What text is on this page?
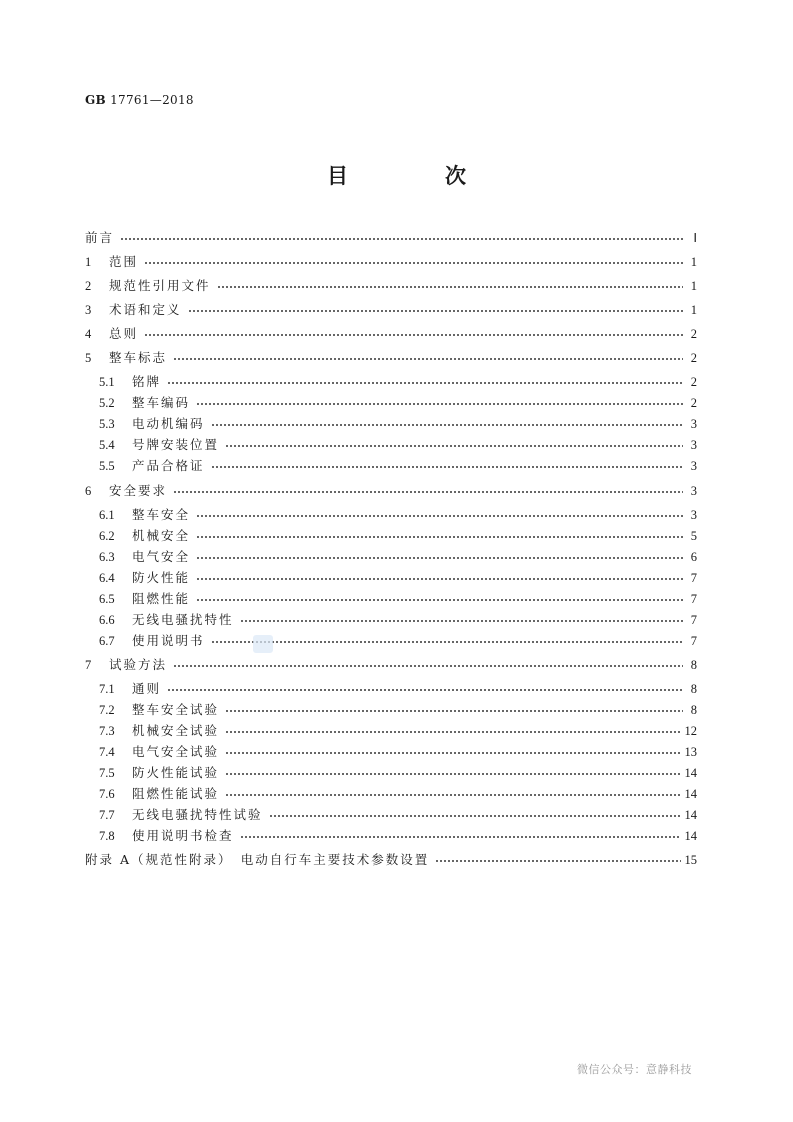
GB 17761—2018
目　次
前言	Ⅰ
1	范围	1
2	规范性引用文件	1
3	术语和定义	1
4	总则	2
5	整车标志	2
5.1	铭牌	2
5.2	整车编码	2
5.3	电动机编码	3
5.4	号牌安装位置	3
5.5	产品合格证	3
6	安全要求	3
6.1	整车安全	3
6.2	机械安全	5
6.3	电气安全	6
6.4	防火性能	7
6.5	阻燃性能	7
6.6	无线电骚扰特性	7
6.7	使用说明书	7
7	试验方法	8
7.1	通则	8
7.2	整车安全试验	8
7.3	机械安全试验	12
7.4	电气安全试验	13
7.5	防火性能试验	14
7.6	阻燃性能试验	14
7.7	无线电骚扰特性试验	14
7.8	使用说明书检查	14
附录 A（规范性附录）　电动自行车主要技术参数设置	15
微信公众号：意静科技
